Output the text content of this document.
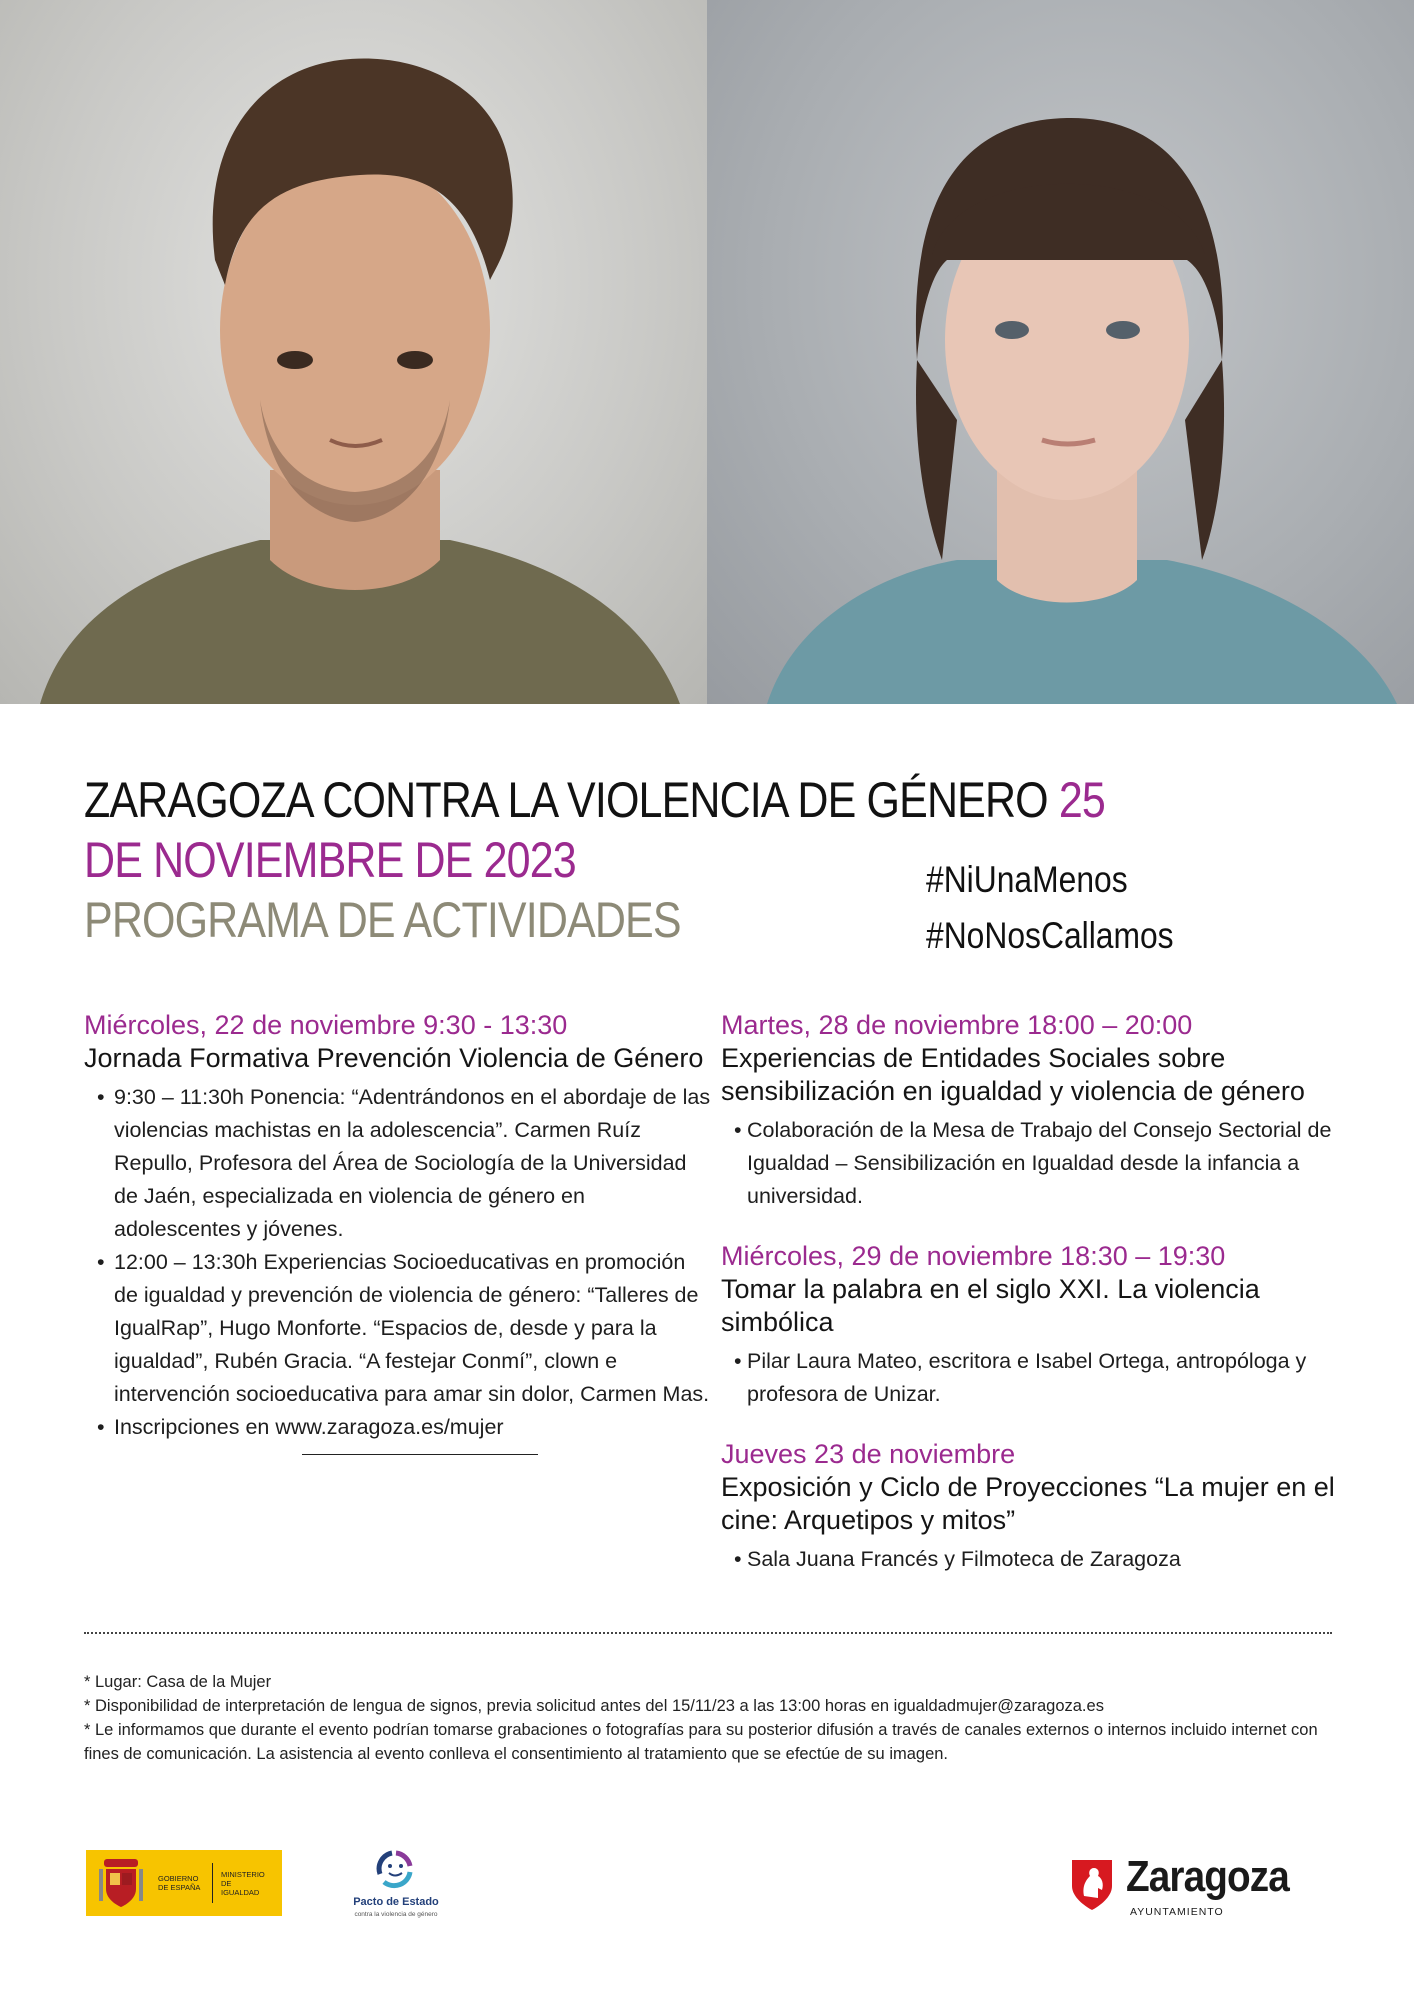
ZARAGOZA CONTRA LA VIOLENCIA DE GÉNERO 25
DE NOVIEMBRE DE 2023
PROGRAMA DE ACTIVIDADES
#NiUnaMenos
#NoNosCallamos
Miércoles, 22 de noviembre 9:30 - 13:30
Jornada Formativa Prevención Violencia de Género
• 9:30 – 11:30h Ponencia: “Adentrándonos en el abordaje de las violencias machistas en la adolescencia”. Carmen Ruíz Repullo, Profesora del Área de Sociología de la Universidad de Jaén, especializada en violencia de género en adolescentes y jóvenes.
• 12:00 – 13:30h Experiencias Socioeducativas en promoción de igualdad y prevención de violencia de género: “Talleres de IgualRap”, Hugo Monforte. “Espacios de, desde y para la igualdad”, Rubén Gracia. “A festejar Conmí”, clown e intervención socioeducativa para amar sin dolor, Carmen Mas.
• Inscripciones en www.zaragoza.es/mujer
Martes, 28 de noviembre 18:00 – 20:00
Experiencias de Entidades Sociales sobre sensibilización en igualdad y violencia de género
• Colaboración de la Mesa de Trabajo del Consejo Sectorial de Igualdad – Sensibilización en Igualdad desde la infancia a universidad.
Miércoles, 29 de noviembre 18:30 – 19:30
Tomar la palabra en el siglo XXI. La violencia simbólica
• Pilar Laura Mateo, escritora e Isabel Ortega, antropóloga y profesora de Unizar.
Jueves 23 de noviembre
Exposición y Ciclo de Proyecciones “La mujer en el cine: Arquetipos y mitos”
• Sala Juana Francés y Filmoteca de Zaragoza
* Lugar: Casa de la Mujer
* Disponibilidad de interpretación de lengua de signos, previa solicitud antes del 15/11/23 a las 13:00 horas en igualdadmujer@zaragoza.es
* Le informamos que durante el evento podrían tomarse grabaciones o fotografías para su posterior difusión a través de canales externos o internos incluido internet con fines de comunicación. La asistencia al evento conlleva el consentimiento al tratamiento que se efectúe de su imagen.
GOBIERNO
DE ESPAÑA
MINISTERIO
DE IGUALDAD
Pacto de Estado
contra la violencia de género
Zaragoza
AYUNTAMIENTO
